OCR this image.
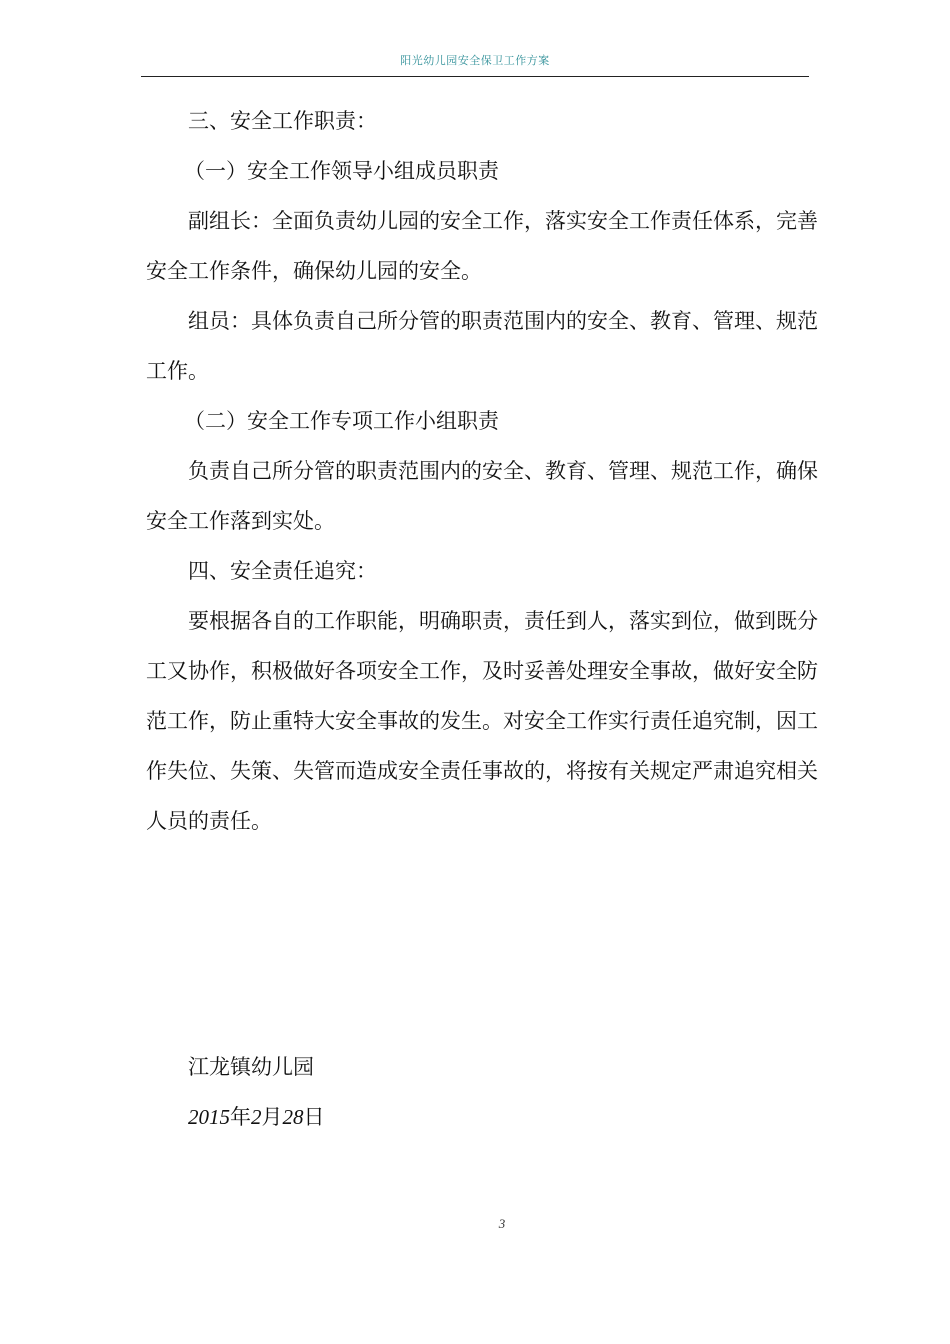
阳光幼儿园安全保卫工作方案

三、安全工作职责：

（一）安全工作领导小组成员职责

副组长：全面负责幼儿园的安全工作，落实安全工作责任体系，完善安全工作条件，确保幼儿园的安全。

组员：具体负责自己所分管的职责范围内的安全、教育、管理、规范工作。

（二）安全工作专项工作小组职责

负责自己所分管的职责范围内的安全、教育、管理、规范工作，确保安全工作落到实处。

四、安全责任追究：

要根据各自的工作职能，明确职责，责任到人，落实到位，做到既分工又协作，积极做好各项安全工作，及时妥善处理安全事故，做好安全防范工作，防止重特大安全事故的发生。对安全工作实行责任追究制，因工作失位、失策、失管而造成安全责任事故的，将按有关规定严肃追究相关人员的责任。

江龙镇幼儿园
2015年2月28日
3
